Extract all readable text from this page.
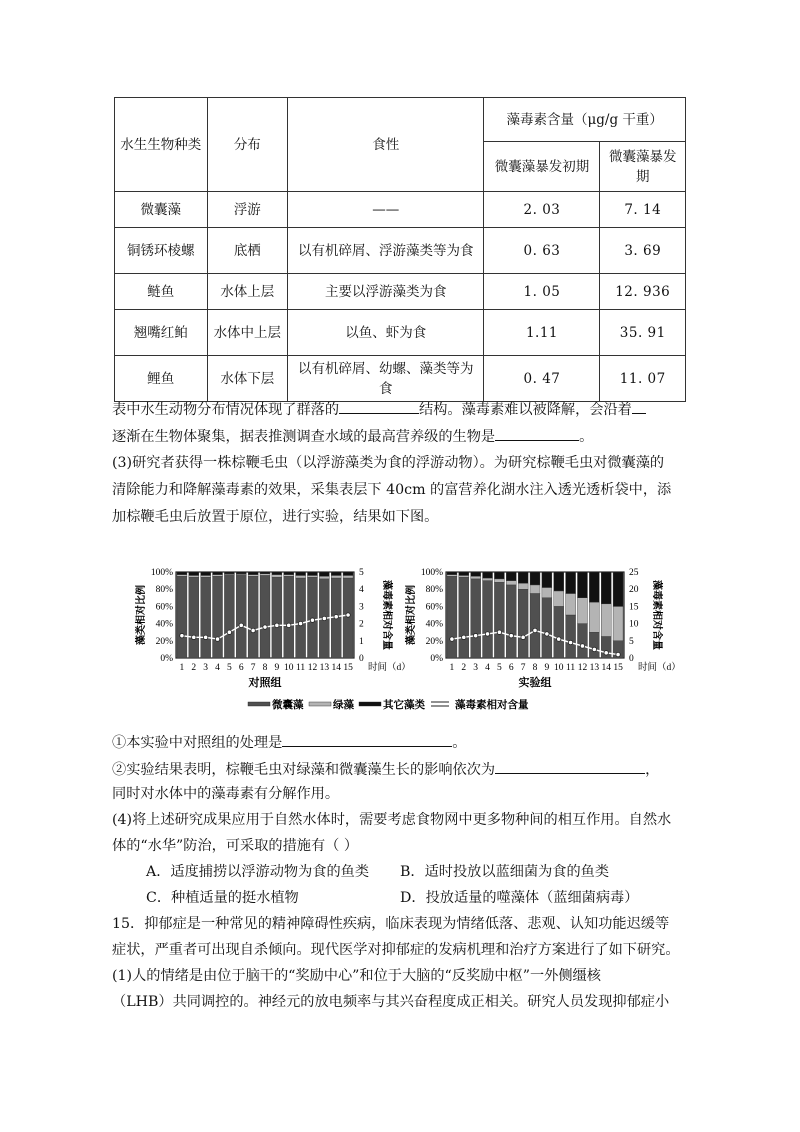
水生生物种类	分布	食性	藻毒素含量（μg/g 干重）	
			微囊藻暴发初期	微囊藻暴发期
微囊藻	浮游	——	2. 03	7. 14
铜锈环棱螺	底栖	以有机碎屑、浮游藻类等为食	0. 63	3. 69
鲢鱼	水体上层	主要以浮游藻类为食	1. 05	12. 936
翘嘴红鲌	水体中上层	以鱼、虾为食	1.11	35. 91
鲤鱼	水体下层	以有机碎屑、幼螺、藻类等为食	0. 47	11. 07
表中水生动物分布情况体现了群落的	结构。藻毒素难以被降解，会沿着
逐渐在生物体聚集，据表推测调查水域的最高营养级的生物是	。
(3)研究者获得一株棕鞭毛虫（以浮游藻类为食的浮游动物）。为研究棕鞭毛虫对微囊藻的
清除能力和降解藻毒素的效果，采集表层下 40cm 的富营养化湖水注入透光透析袋中，添
加棕鞭毛虫后放置于原位，进行实验，结果如下图。
1 2 3 4 5 6 7 8 9 10 11 12 13 14 15 时间（d）
0%
20%
40%
60%
80%
100%
0
1
2
3
4
5
藻类相对比例	藻毒素相对含量
对照组
1 2 3 4 5 6 7 8 9 10 11 12 13 14 15 时间（d）
0%
20%
40%
60%
80%
100%
0
5
10
15
20
25
藻类相对比例	藻毒素相对含量
实验组
微囊藻	绿藻	其它藻类	藻毒素相对含量
①本实验中对照组的处理是	。
②实验结果表明，棕鞭毛虫对绿藻和微囊藻生长的影响依次为	，
同时对水体中的藻毒素有分解作用。
(4)将上述研究成果应用于自然水体时，需要考虑食物网中更多物种间的相互作用。自然水
体的“水华”防治，可采取的措施有（ ）
A．适度捕捞以浮游动物为食的鱼类 B．适时投放以蓝细菌为食的鱼类
C．种植适量的挺水植物	D．投放适量的噬藻体（蓝细菌病毒）
15．抑郁症是一种常见的精神障碍性疾病，临床表现为情绪低落、悲观、认知功能迟缓等
症状，严重者可出现自杀倾向。现代医学对抑郁症的发病机理和治疗方案进行了如下研究。
(1)人的情绪是由位于脑干的“奖励中心”和位于大脑的“反奖励中枢”一外侧缰核
（LHB）共同调控的。神经元的放电频率与其兴奋程度成正相关。研究人员发现抑郁症小
